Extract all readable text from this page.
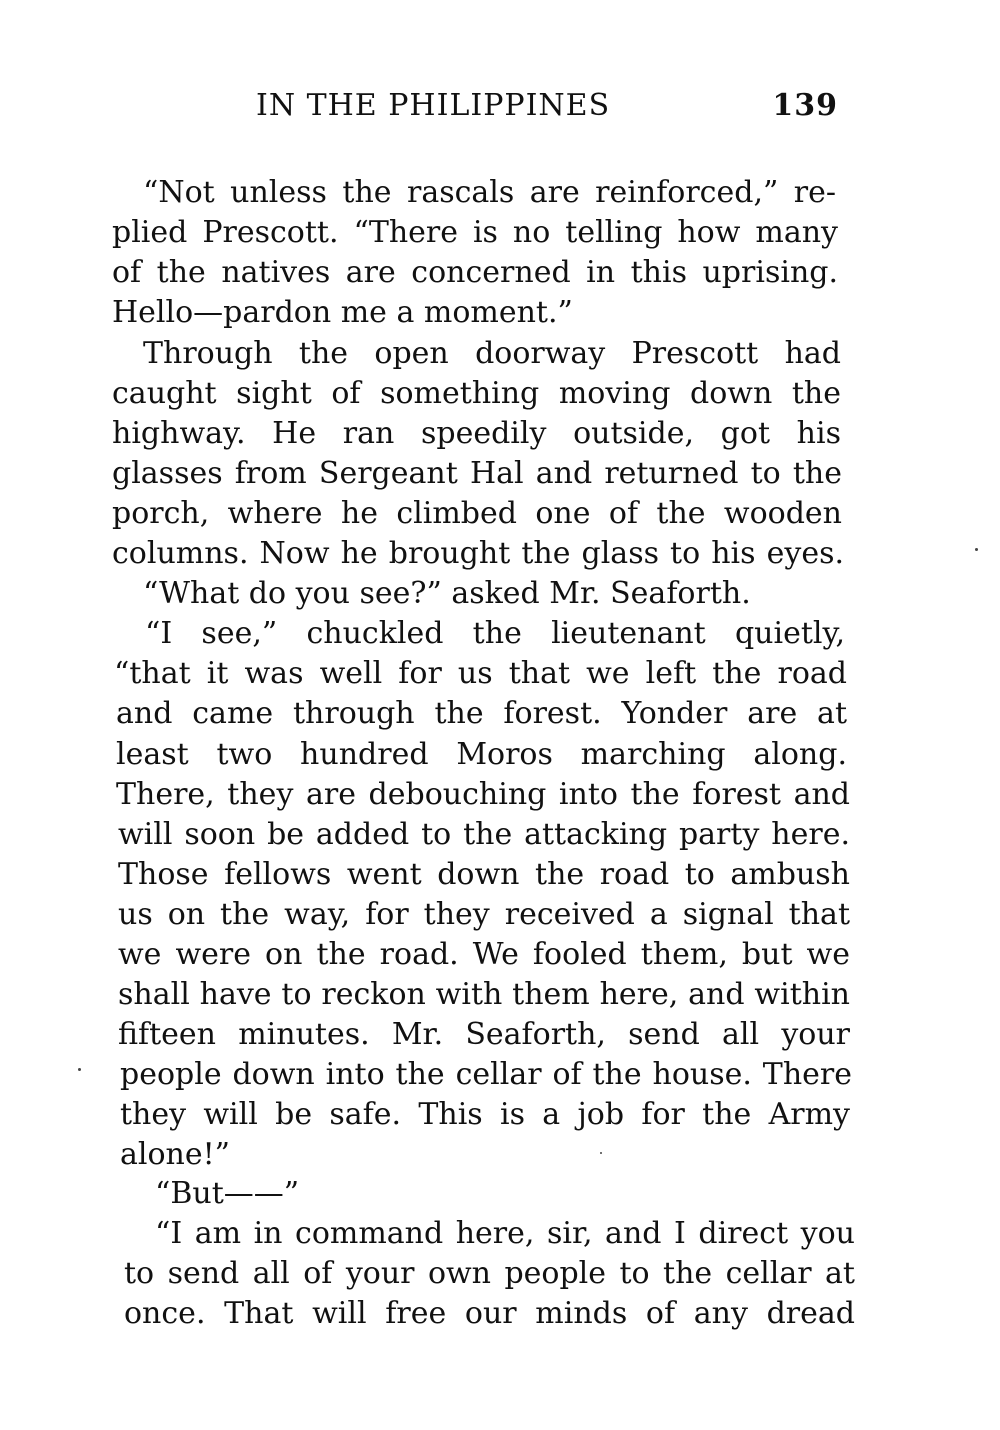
IN THE PHILIPPINES	139
“Not unless the rascals are reinforced,” re-
plied Prescott. “There is no telling how many
of the natives are concerned in this uprising.
Hello—pardon me a moment.”
Through the open doorway Prescott had
caught sight of something moving down the
highway. He ran speedily outside, got his
glasses from Sergeant Hal and returned to the
porch, where he climbed one of the wooden
columns. Now he brought the glass to his eyes.
“What do you see?” asked Mr. Seaforth.
“I see,” chuckled the lieutenant quietly,
“that it was well for us that we left the road
and came through the forest. Yonder are at
least two hundred Moros marching along.
There, they are debouching into the forest and
will soon be added to the attacking party here.
Those fellows went down the road to ambush
us on the way, for they received a signal that
we were on the road. We fooled them, but we
shall have to reckon with them here, and within
fifteen minutes. Mr. Seaforth, send all your
people down into the cellar of the house. There
they will be safe. This is a job for the Army
alone!”
“But——”
“I am in command here, sir, and I direct you
to send all of your own people to the cellar at
once. That will free our minds of any dread
